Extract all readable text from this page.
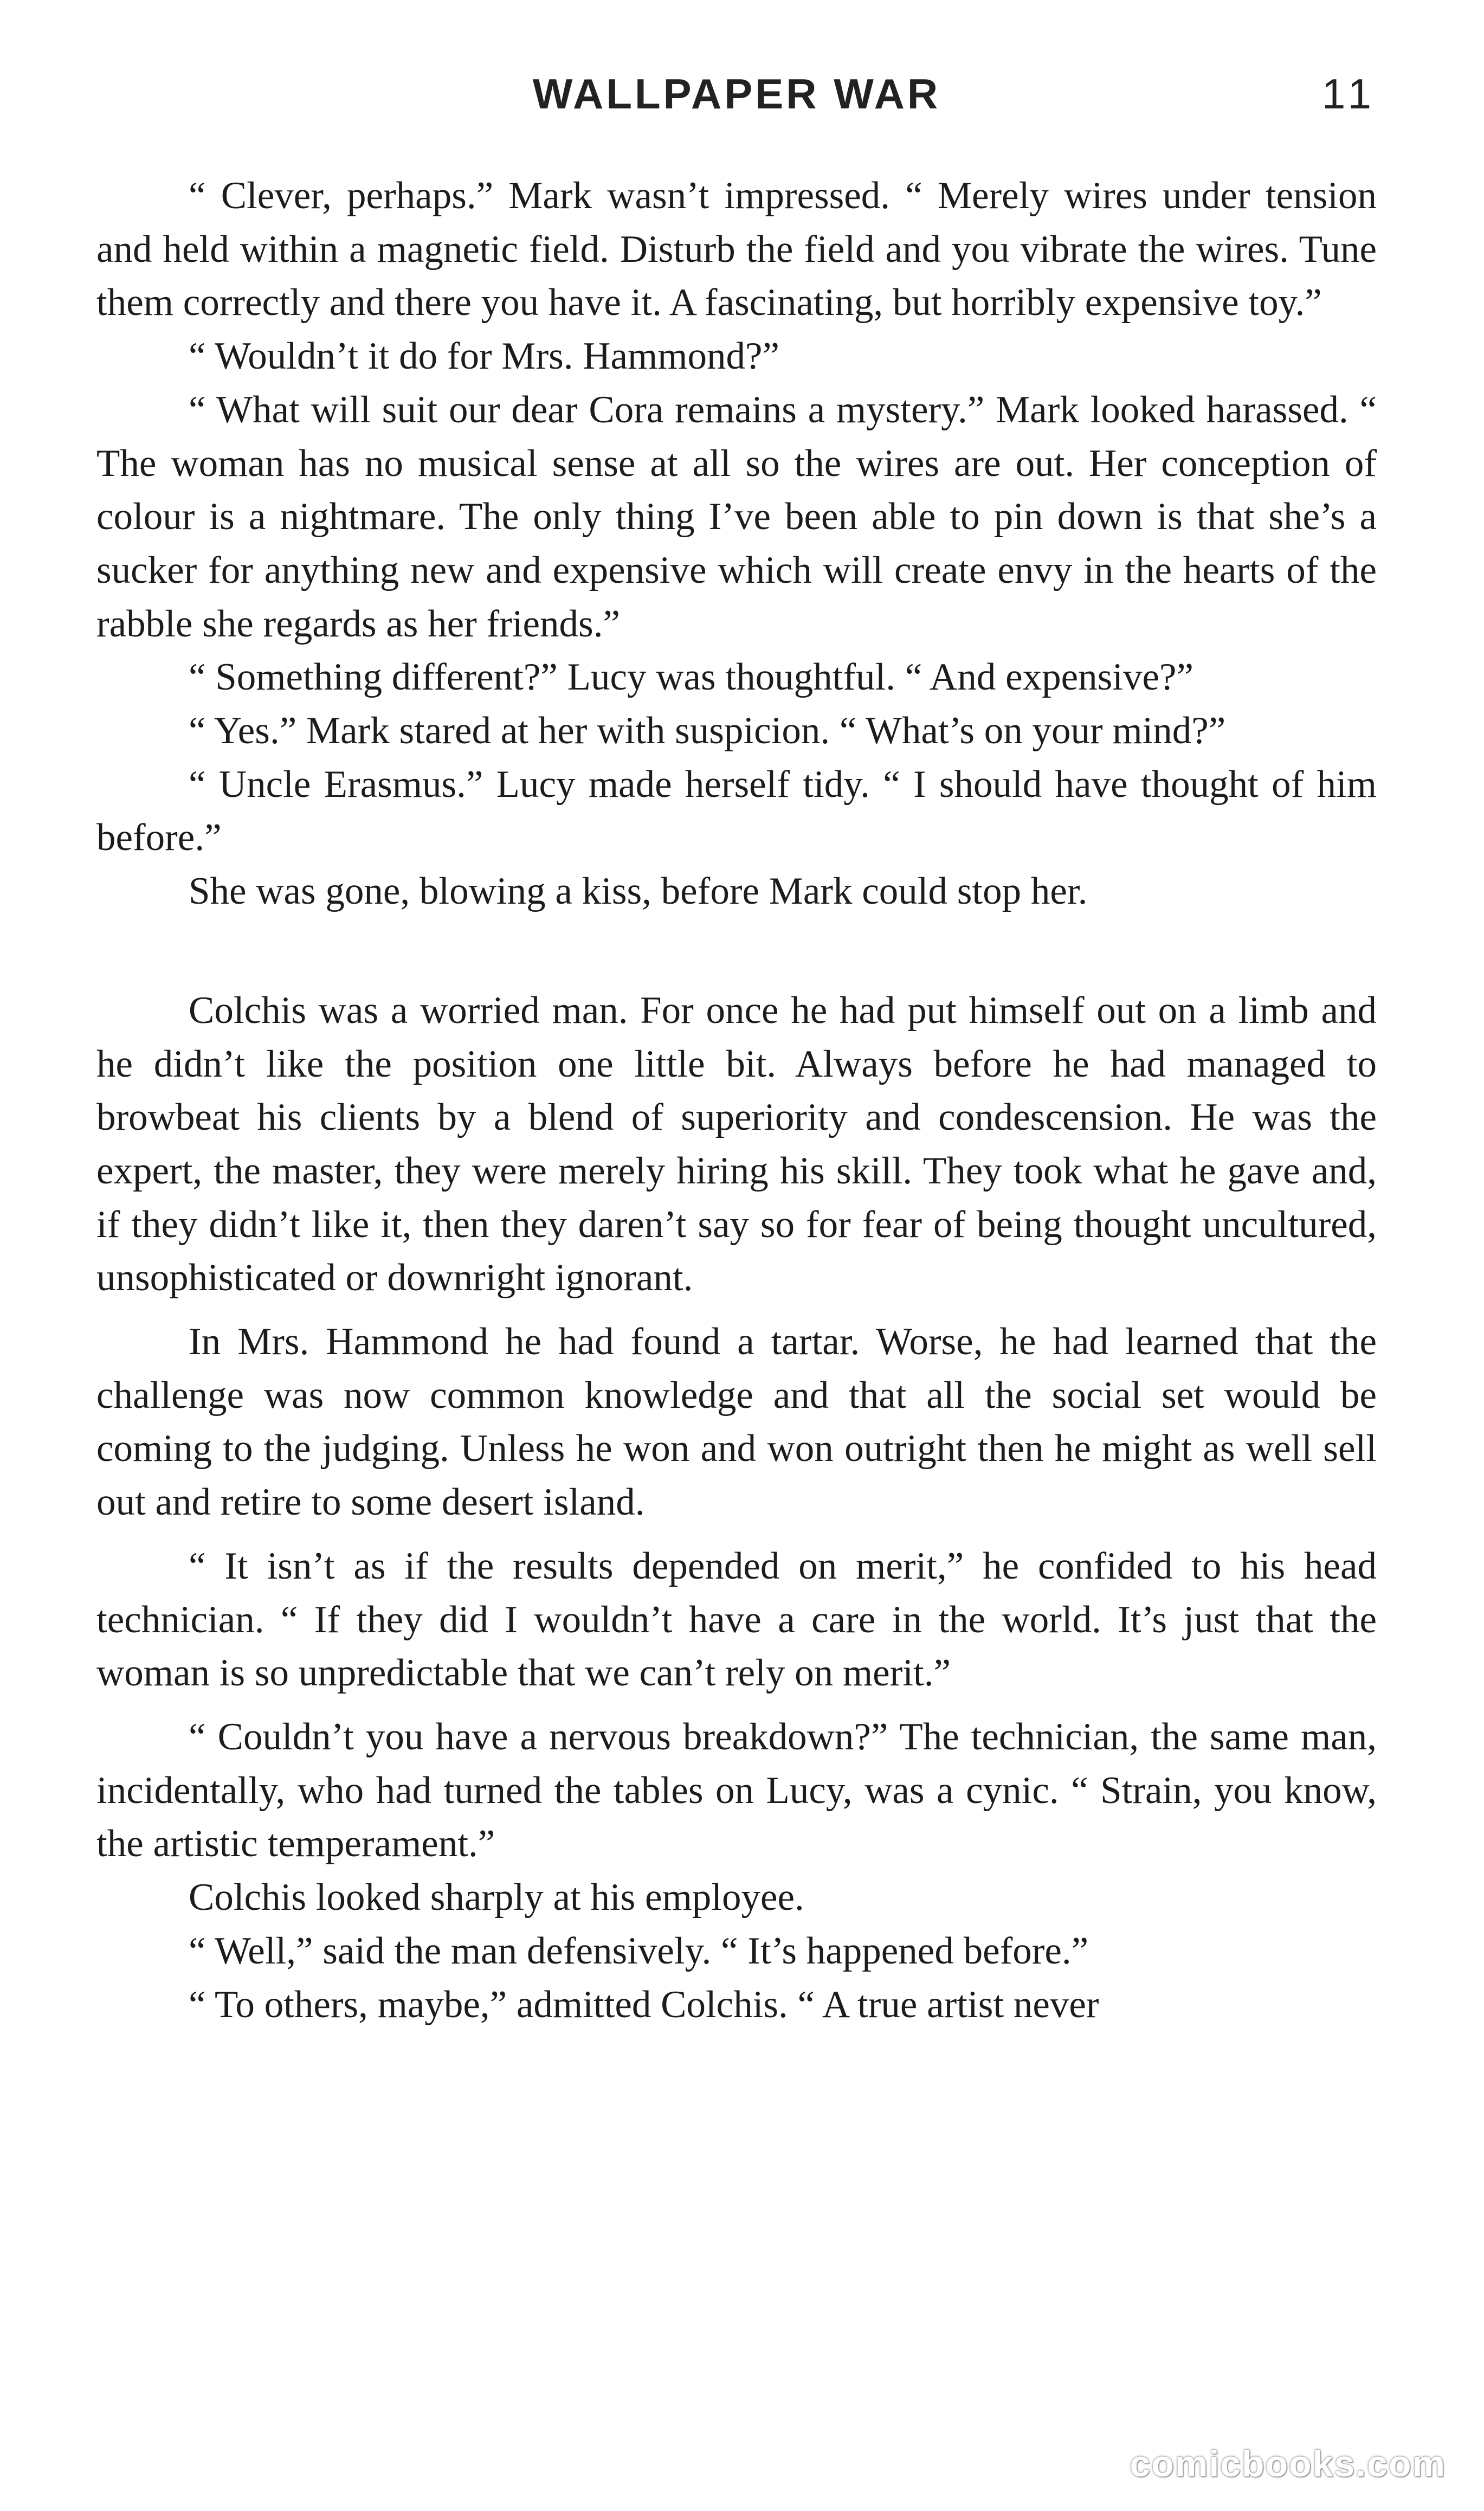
WALLPAPER WAR	11

“ Clever, perhaps.” Mark wasn’t impressed. “ Merely wires under tension and held within a magnetic field. Disturb the field and you vibrate the wires. Tune them correctly and there you have it. A fascinating, but horribly expensive toy.”

“ Wouldn’t it do for Mrs. Hammond?”

“ What will suit our dear Cora remains a mystery.” Mark looked harassed. “ The woman has no musical sense at all so the wires are out. Her conception of colour is a nightmare. The only thing I’ve been able to pin down is that she’s a sucker for anything new and expensive which will create envy in the hearts of the rabble she regards as her friends.”

“ Something different?” Lucy was thoughtful. “ And expensive?”

“ Yes.” Mark stared at her with suspicion. “ What’s on your mind?”

“ Uncle Erasmus.” Lucy made herself tidy. “ I should have thought of him before.”

She was gone, blowing a kiss, before Mark could stop her.

Colchis was a worried man. For once he had put himself out on a limb and he didn’t like the position one little bit. Always before he had managed to browbeat his clients by a blend of superiority and condescension. He was the expert, the master, they were merely hiring his skill. They took what he gave and, if they didn’t like it, then they daren’t say so for fear of being thought uncultured, unsophisticated or downright ignorant.

In Mrs. Hammond he had found a tartar. Worse, he had learned that the challenge was now common knowledge and that all the social set would be coming to the judging. Unless he won and won outright then he might as well sell out and retire to some desert island.

“ It isn’t as if the results depended on merit,” he confided to his head technician. “ If they did I wouldn’t have a care in the world. It’s just that the woman is so unpredictable that we can’t rely on merit.”

“ Couldn’t you have a nervous breakdown?” The technician, the same man, incidentally, who had turned the tables on Lucy, was a cynic. “ Strain, you know, the artistic temperament.”

Colchis looked sharply at his employee.

“ Well,” said the man defensively. “ It’s happened before.”

“ To others, maybe,” admitted Colchis. “ A true artist never

comicbooks.com
